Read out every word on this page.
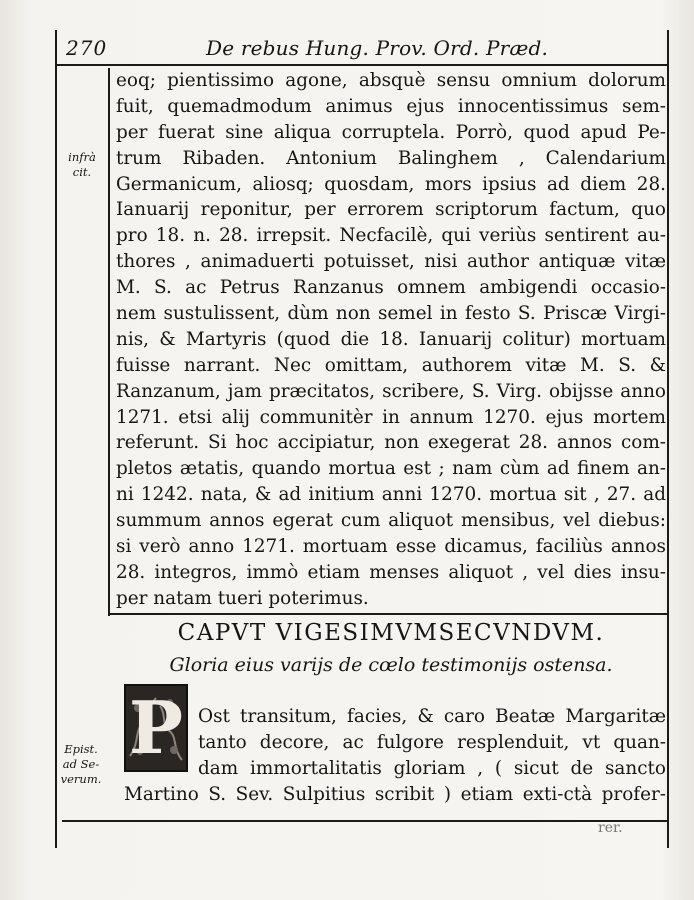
270	De rebus Hung. Prov. Ord. Præd.
infrà
cit.
Epist.
ad Se-
verum.
eoq; pientissimo agone, absquè sensu omnium dolorum
fuit, quemadmodum animus ejus innocentissimus sem-
per fuerat sine aliqua corruptela. Porrò, quod apud Pe-
trum Ribaden. Antonium Balinghem , Calendarium
Germanicum, aliosq; quosdam, mors ipsius ad diem 28.
Ianuarij reponitur, per errorem scriptorum factum, quo
pro 18. n. 28. irrepsit. Necfacilè, qui veriùs sentirent au-
thores , animaduerti potuisset, nisi author antiquæ vitæ
M. S. ac Petrus Ranzanus omnem ambigendi occasio-
nem sustulissent, dùm non semel in festo S. Priscæ Virgi-
nis, & Martyris (quod die 18. Ianuarij colitur) mortuam
fuisse narrant. Nec omittam, authorem vitæ M. S. &
Ranzanum, jam præcitatos, scribere, S. Virg. obijsse anno
1271. etsi alij communitèr in annum 1270. ejus mortem
referunt. Si hoc accipiatur, non exegerat 28. annos com-
pletos ætatis, quando mortua est ; nam cùm ad finem an-
ni 1242. nata, & ad initium anni 1270. mortua sit , 27. ad
summum annos egerat cum aliquot mensibus, vel diebus:
si verò anno 1271. mortuam esse dicamus, faciliùs annos
28. integros, immò etiam menses aliquot , vel dies insu-
per natam tueri poterimus.
CAPVT VIGESIMVMSECVNDVM.
Gloria eius varijs de cœlo testimonijs ostensa.
P Ost transitum, facies, & caro Beatæ Margaritæ
tanto decore, ac fulgore resplenduit, vt quan-
dam immortalitatis gloriam , ( sicut de sancto
Martino S. Sev. Sulpitius scribit ) etiam exti-ctà profer-
rer.
